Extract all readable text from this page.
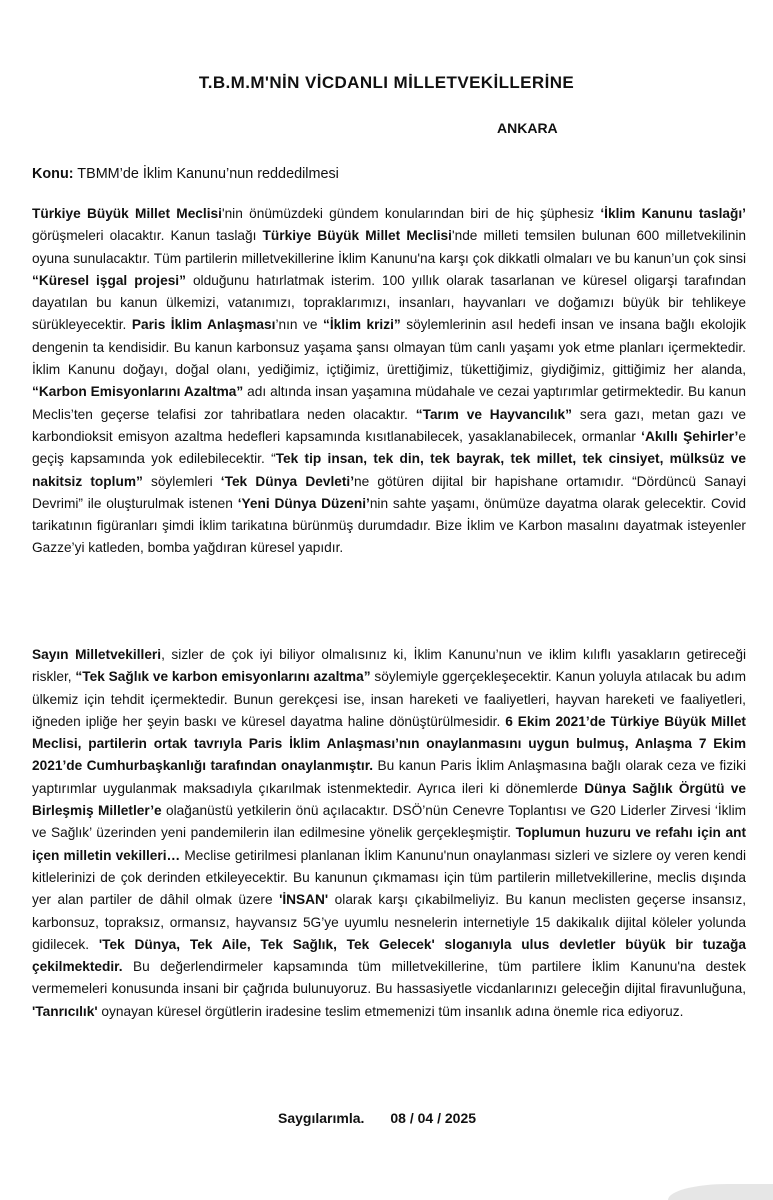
T.B.M.M'NİN VİCDANLI MİLLETVEKİLLERİNE
ANKARA
Konu: TBMM’de İklim Kanunu’nun reddedilmesi

Türkiye Büyük Millet Meclisi'nin önümüzdeki gündem konularından biri de hiç şüphesiz ‘İklim Kanunu taslağı’ görüşmeleri olacaktır. Kanun taslağı Türkiye Büyük Millet Meclisi'nde milleti temsilen bulunan 600 milletvekilinin oyuna sunulacaktır. Tüm partilerin milletvekillerine İklim Kanunu'na karşı çok dikkatli olmaları ve bu kanun’un çok sinsi “Küresel işgal projesi” olduğunu hatırlatmak isterim. 100 yıllık olarak tasarlanan ve küresel oligarşi tarafından dayatılan bu kanun ülkemizi, vatanımızı, topraklarımızı, insanları, hayvanları ve doğamızı büyük bir tehlikeye sürükleyecektir. Paris İklim Anlaşması’nın ve “İklim krizi” söylemlerinin asıl hedefi insan ve insana bağlı ekolojik dengenin ta kendisidir. Bu kanun karbonsuz yaşama şansı olmayan tüm canlı yaşamı yok etme planları içermektedir. İklim Kanunu doğayı, doğal olanı, yediğimiz, içtiğimiz, ürettiğimiz, tükettiğimiz, giydiğimiz, gittiğimiz her alanda, “Karbon Emisyonlarını Azaltma” adı altında insan yaşamına müdahale ve cezai yaptırımlar getirmektedir. Bu kanun Meclis’ten geçerse telafisi zor tahribatlara neden olacaktır. “Tarım ve Hayvancılık” sera gazı, metan gazı ve karbondioksit emisyon azaltma hedefleri kapsamında kısıtlanabilecek, yasaklanabilecek, ormanlar ‘Akıllı Şehirler’e geçiş kapsamında yok edilebilecektir. “Tek tip insan, tek din, tek bayrak, tek millet, tek cinsiyet, mülksüz ve nakitsiz toplum” söylemleri ‘Tek Dünya Devleti’ne götüren dijital bir hapishane ortamıdır. “Dördüncü Sanayi Devrimi” ile oluşturulmak istenen ‘Yeni Dünya Düzeni’nin sahte yaşamı, önümüze dayatma olarak gelecektir. Covid tarikatının figüranları şimdi İklim tarikatına bürünmüş durumdadır. Bize İklim ve Karbon masalını dayatmak isteyenler Gazze’yi katleden, bomba yağdıran küresel yapıdır.

Sayın Milletvekilleri, sizler de çok iyi biliyor olmalısınız ki, İklim Kanunu’nun ve iklim kılıflı yasakların getireceği riskler, “Tek Sağlık ve karbon emisyonlarını azaltma” söylemiyle ggerçekleşecektir. Kanun yoluyla atılacak bu adım ülkemiz için tehdit içermektedir. Bunun gerekçesi ise, insan hareketi ve faaliyetleri, hayvan hareketi ve faaliyetleri, iğneden ipliğe her şeyin baskı ve küresel dayatma haline dönüştürülmesidir. 6 Ekim 2021’de Türkiye Büyük Millet Meclisi, partilerin ortak tavrıyla Paris İklim Anlaşması’nın onaylanmasını uygun bulmuş, Anlaşma 7 Ekim 2021’de Cumhurbaşkanlığı tarafından onaylanmıştır. Bu kanun Paris İklim Anlaşmasına bağlı olarak ceza ve fiziki yaptırımlar uygulanmak maksadıyla çıkarılmak istenmektedir. Ayrıca ileri ki dönemlerde Dünya Sağlık Örgütü ve Birleşmiş Milletler’e olağanüstü yetkilerin önü açılacaktır. DSÖ’nün Cenevre Toplantısı ve G20 Liderler Zirvesi ‘İklim ve Sağlık’ üzerinden yeni pandemilerin ilan edilmesine yönelik gerçekleşmiştir. Toplumun huzuru ve refahı için ant içen milletin vekilleri… Meclise getirilmesi planlanan İklim Kanunu'nun onaylanması sizleri ve sizlere oy veren kendi kitlelerinizi de çok derinden etkileyecektir. Bu kanunun çıkmaması için tüm partilerin milletvekillerine, meclis dışında yer alan partiler de dâhil olmak üzere 'İNSAN' olarak karşı çıkabilmeliyiz. Bu kanun meclisten geçerse insansız, karbonsuz, topraksız, ormansız, hayvansız 5G’ye uyumlu nesnelerin internetiyle 15 dakikalık dijital köleler yolunda gidilecek. 'Tek Dünya, Tek Aile, Tek Sağlık, Tek Gelecek' sloganıyla ulus devletler büyük bir tuzağa çekilmektedir. Bu değerlendirmeler kapsamında tüm milletvekillerine, tüm partilere İklim Kanunu'na destek vermemeleri konusunda insani bir çağrıda bulunuyoruz. Bu hassasiyetle vicdanlarınızı geleceğin dijital firavunluğuna, 'Tanrıcılık' oynayan küresel örgütlerin iradesine teslim etmemenizi tüm insanlık adına önemle rica ediyoruz.

Saygılarımla. 08 / 04 / 2025
